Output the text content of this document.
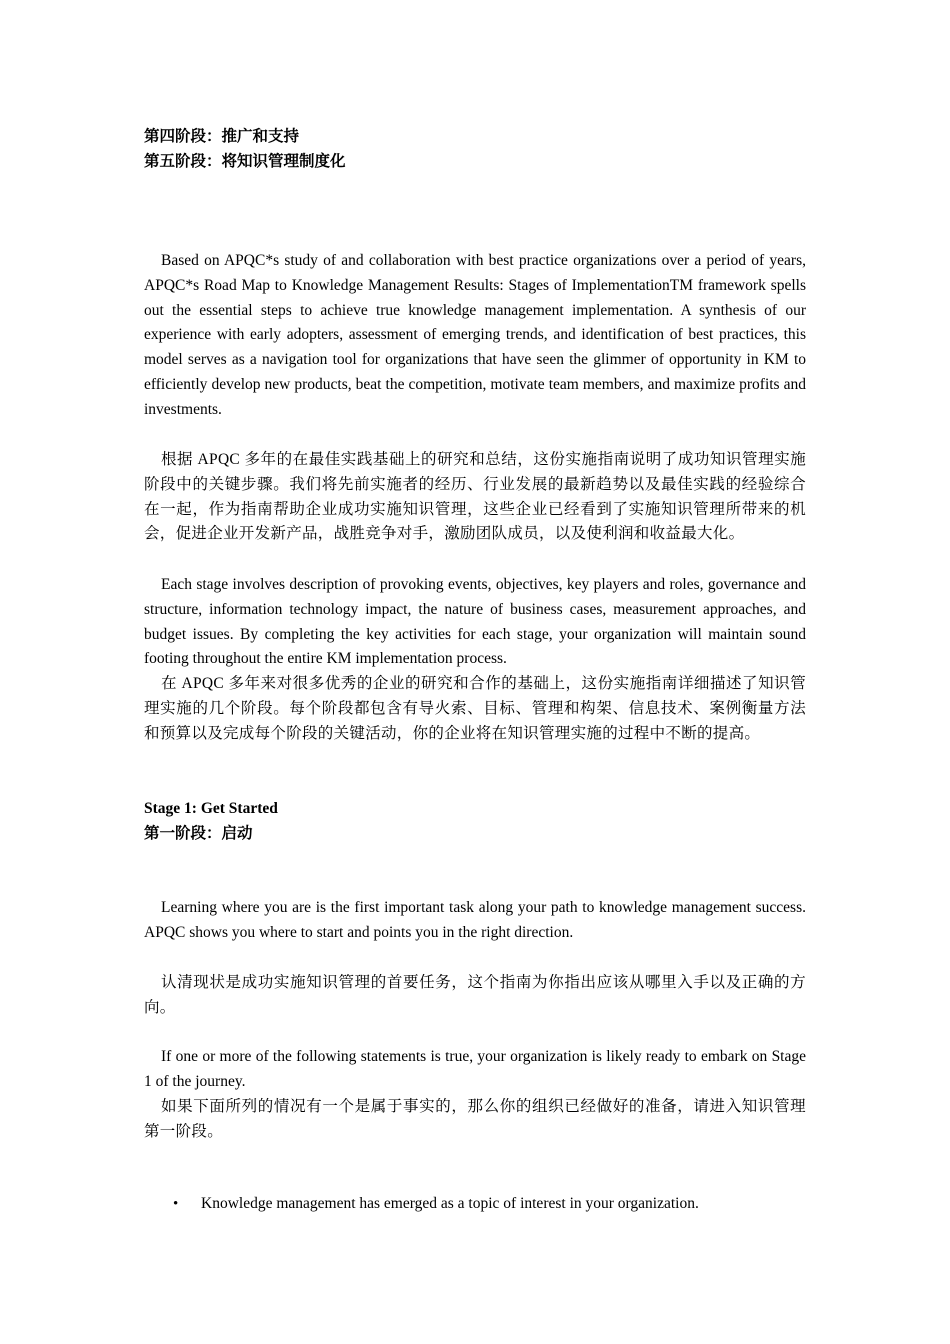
第四阶段：推广和支持
第五阶段：将知识管理制度化

Based on APQC*s study of and collaboration with best practice organizations over a period of years, APQC*s Road Map to Knowledge Management Results: Stages of ImplementationTM framework spells out the essential steps to achieve true knowledge management implementation. A synthesis of our experience with early adopters, assessment of emerging trends, and identification of best practices, this model serves as a navigation tool for organizations that have seen the glimmer of opportunity in KM to efficiently develop new products, beat the competition, motivate team members, and maximize profits and investments.

根据 APQC 多年的在最佳实践基础上的研究和总结，这份实施指南说明了成功知识管理实施阶段中的关键步骤。我们将先前实施者的经历、行业发展的最新趋势以及最佳实践的经验综合在一起，作为指南帮助企业成功实施知识管理，这些企业已经看到了实施知识管理所带来的机会，促进企业开发新产品，战胜竞争对手，激励团队成员，以及使利润和收益最大化。

Each stage involves description of provoking events, objectives, key players and roles, governance and structure, information technology impact, the nature of business cases, measurement approaches, and budget issues. By completing the key activities for each stage, your organization will maintain sound footing throughout the entire KM implementation process.

在 APQC 多年来对很多优秀的企业的研究和合作的基础上，这份实施指南详细描述了知识管理实施的几个阶段。每个阶段都包含有导火索、目标、管理和构架、信息技术、案例衡量方法和预算以及完成每个阶段的关键活动，你的企业将在知识管理实施的过程中不断的提高。

Stage 1: Get Started
第一阶段：启动

Learning where you are is the first important task along your path to knowledge management success. APQC shows you where to start and points you in the right direction.

认清现状是成功实施知识管理的首要任务，这个指南为你指出应该从哪里入手以及正确的方向。

If one or more of the following statements is true, your organization is likely ready to embark on Stage 1 of the journey.

如果下面所列的情况有一个是属于事实的，那么你的组织已经做好的准备，请进入知识管理第一阶段。

• Knowledge management has emerged as a topic of interest in your organization.
